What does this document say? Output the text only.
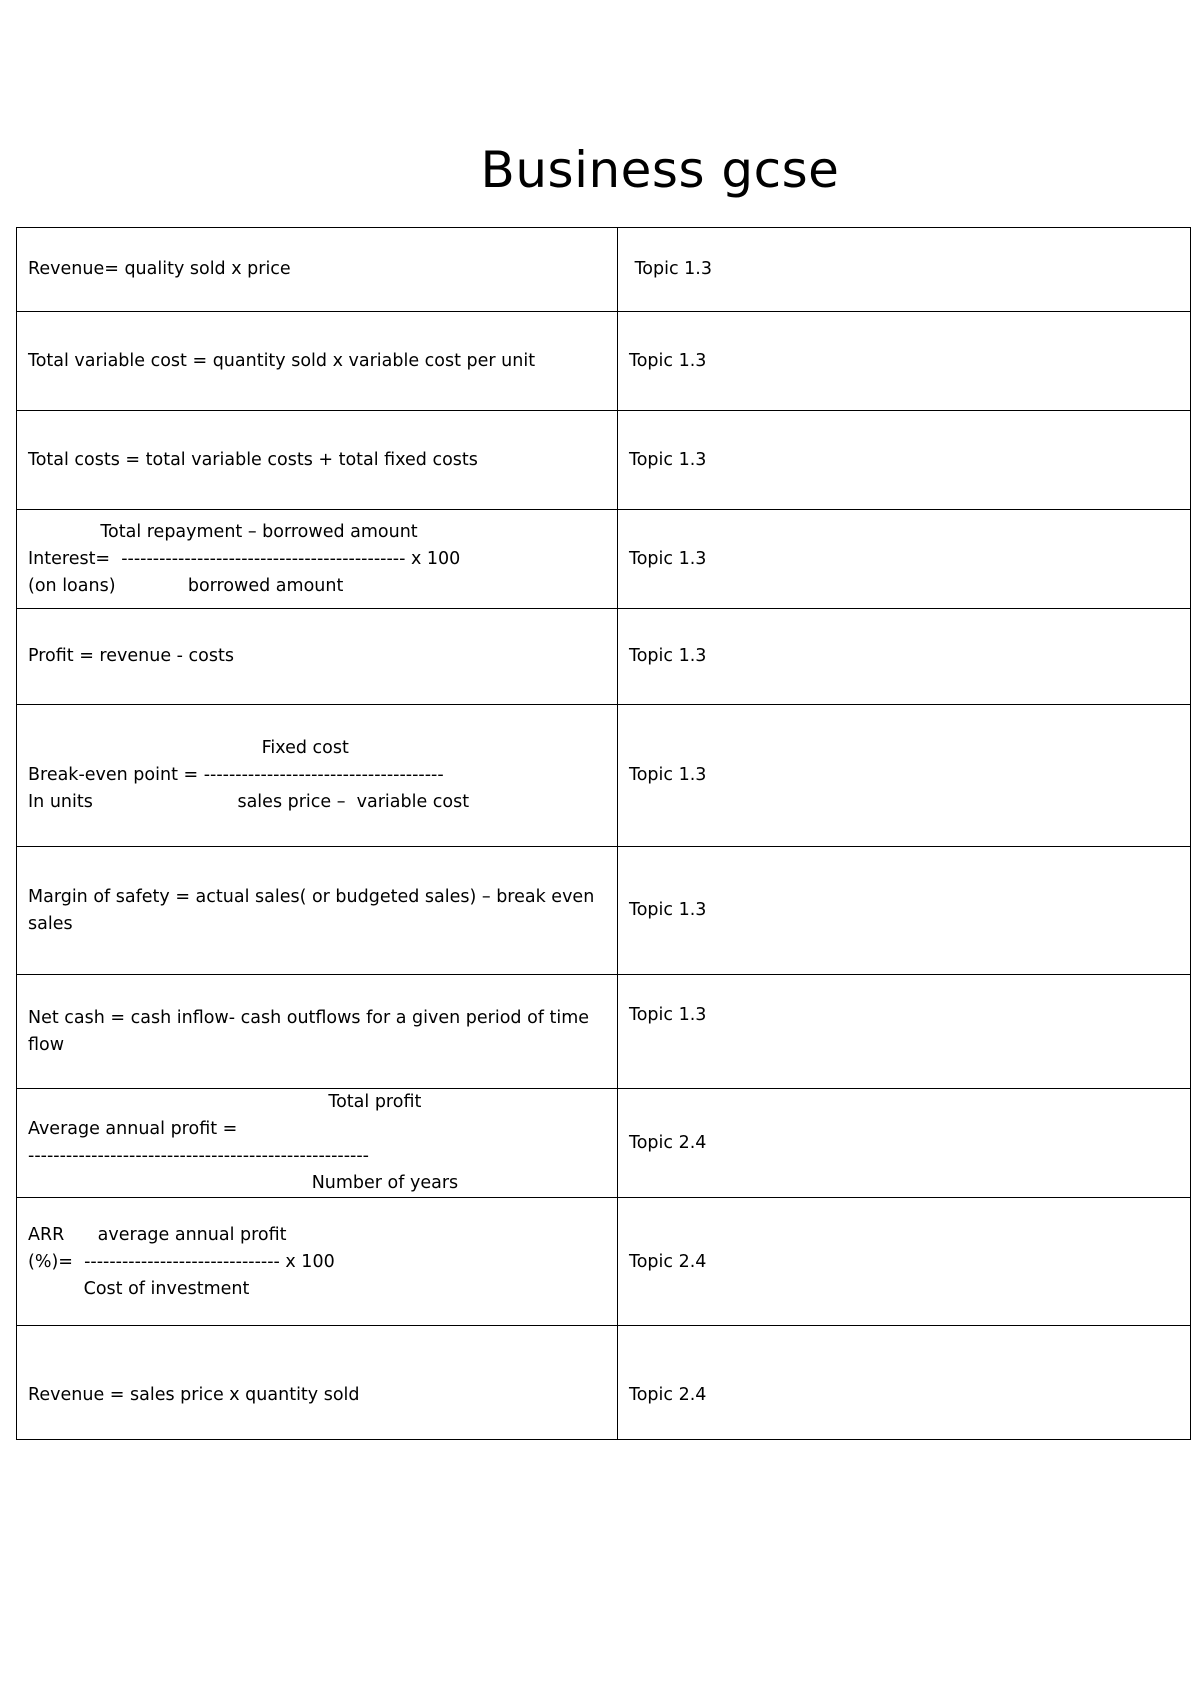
Business gcse
Revenue= quality sold x price	Topic 1.3

Total variable cost = quantity sold x variable cost per unit	Topic 1.3

Total costs = total variable costs + total fixed costs	Topic 1.3

Total repayment – borrowed amount
Interest=  --------------------------------------------- x 100
(on loans)             borrowed amount	Topic 1.3

Profit = revenue - costs	Topic 1.3

Fixed cost
Break-even point = --------------------------------------
In units                          sales price –  variable cost	Topic 1.3

Margin of safety = actual sales( or budgeted sales) – break even
sales	Topic 1.3

Net cash = cash inflow- cash outflows for a given period of time
flow	Topic 1.3

Total profit
Average annual profit =
------------------------------------------------------
Number of years	Topic 2.4

ARR      average annual profit
(%)=  ------------------------------- x 100
Cost of investment	Topic 2.4

Revenue = sales price x quantity sold	Topic 2.4
